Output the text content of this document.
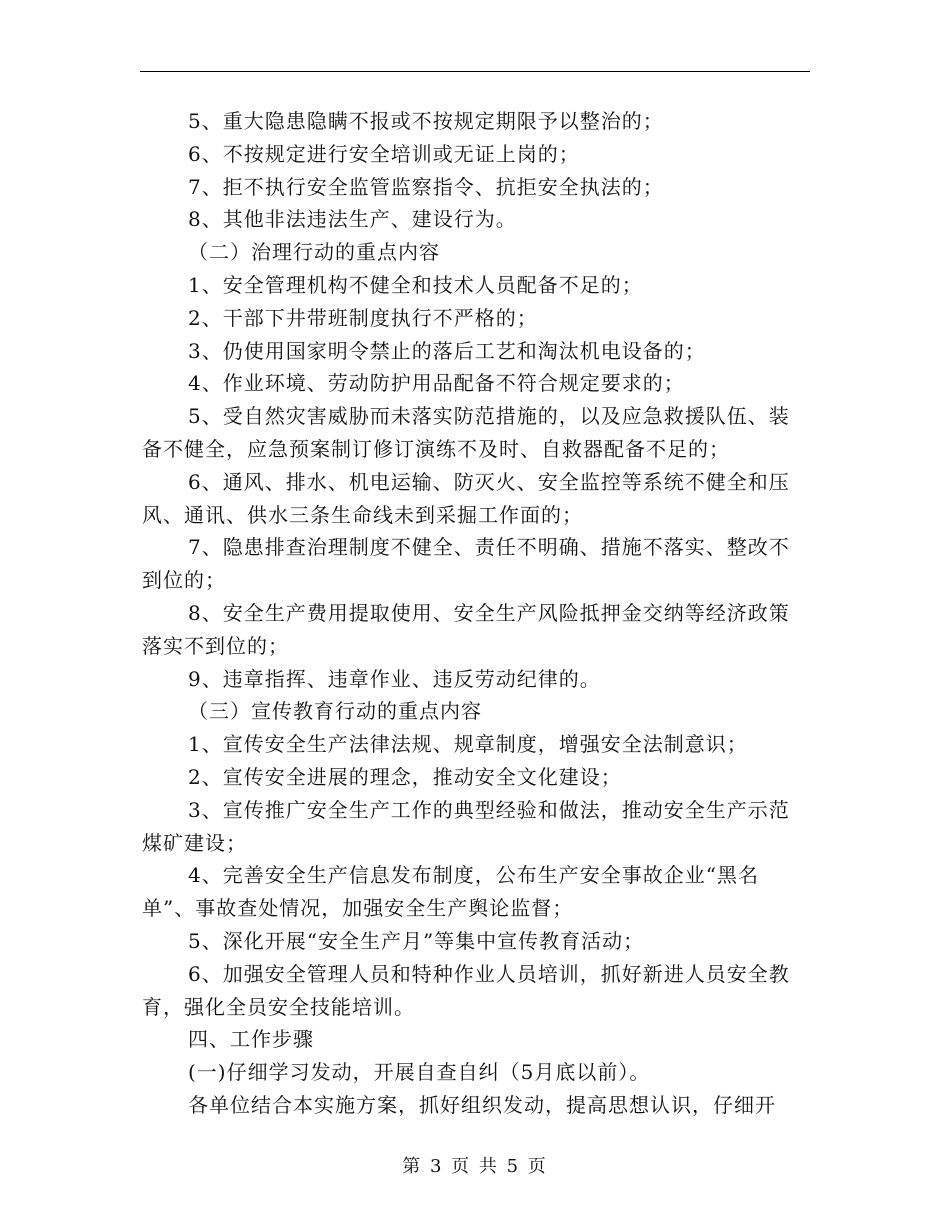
5、重大隐患隐瞒不报或不按规定期限予以整治的；
6、不按规定进行安全培训或无证上岗的；
7、拒不执行安全监管监察指令、抗拒安全执法的；
8、其他非法违法生产、建设行为。
（二）治理行动的重点内容
1、安全管理机构不健全和技术人员配备不足的；
2、干部下井带班制度执行不严格的；
3、仍使用国家明令禁止的落后工艺和淘汰机电设备的；
4、作业环境、劳动防护用品配备不符合规定要求的；
5、受自然灾害威胁而未落实防范措施的，以及应急救援队伍、装
备不健全，应急预案制订修订演练不及时、自救器配备不足的；
6、通风、排水、机电运输、防灭火、安全监控等系统不健全和压
风、通讯、供水三条生命线未到采掘工作面的；
7、隐患排查治理制度不健全、责任不明确、措施不落实、整改不
到位的；
8、安全生产费用提取使用、安全生产风险抵押金交纳等经济政策
落实不到位的；
9、违章指挥、违章作业、违反劳动纪律的。
（三）宣传教育行动的重点内容
1、宣传安全生产法律法规、规章制度，增强安全法制意识；
2、宣传安全进展的理念，推动安全文化建设；
3、宣传推广安全生产工作的典型经验和做法，推动安全生产示范
煤矿建设；
4、完善安全生产信息发布制度，公布生产安全事故企业“黑名
单”、事故查处情况，加强安全生产舆论监督；
5、深化开展“安全生产月”等集中宣传教育活动；
6、加强安全管理人员和特种作业人员培训，抓好新进人员安全教
育，强化全员安全技能培训。
四、工作步骤
(一)仔细学习发动，开展自查自纠（5月底以前）。
各单位结合本实施方案，抓好组织发动，提高思想认识，仔细开
第 3 页 共 5 页
